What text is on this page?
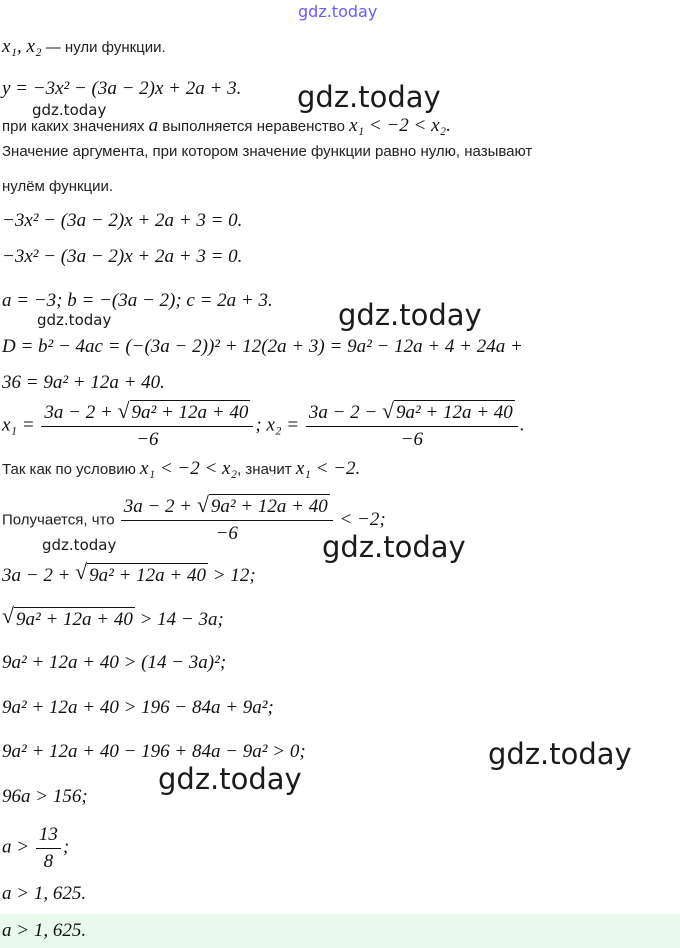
gdz.today
x₁, x₂ — нули функции.
y = −3x² − (3a − 2)x + 2a + 3. gdz.today
gdz.today
при каких значениях a выполняется неравенство x₁ < −2 < x₂.
Значение аргумента, при котором значение функции равно нулю, называют
нулём функции.
−3x² − (3a − 2)x + 2a + 3 = 0.
−3x² − (3a − 2)x + 2a + 3 = 0.
a = −3; b = −(3a − 2); c = 2a + 3. gdz.today
gdz.today
D = b² − 4ac = (−(3a − 2))² + 12(2a + 3) = 9a² − 12a + 4 + 24a +
36 = 9a² + 12a + 40.
$x_1 = \frac{\text{3a − 2 + √ 9a² + 12a + 40}}{-6}$ ; $x_2 = \frac{\text{3a − 2 − √ 9a² + 12a + 40}}{-6}$ .
Так как по условию x₁ < −2 < x₂, значит x₁ < −2.
Получается, что $\frac{\text{3a − 2 + √ 9a² + 12a + 40}}{-6} < -2$;
gdz.today	gdz.today
3a − 2 + √ 9a² + 12a + 40 > 12;
√ 9a² + 12a + 40 > 14 − 3a;
9a² + 12a + 40 > (14 − 3a)²;
9a² + 12a + 40 > 196 − 84a + 9a²;
9a² + 12a + 40 − 196 + 84a − 9a² > 0;	gdz.today
gdz.today
96a > 156;
$a > \frac{13}{8}$ ;
a > 1, 625.
a > 1, 625.
